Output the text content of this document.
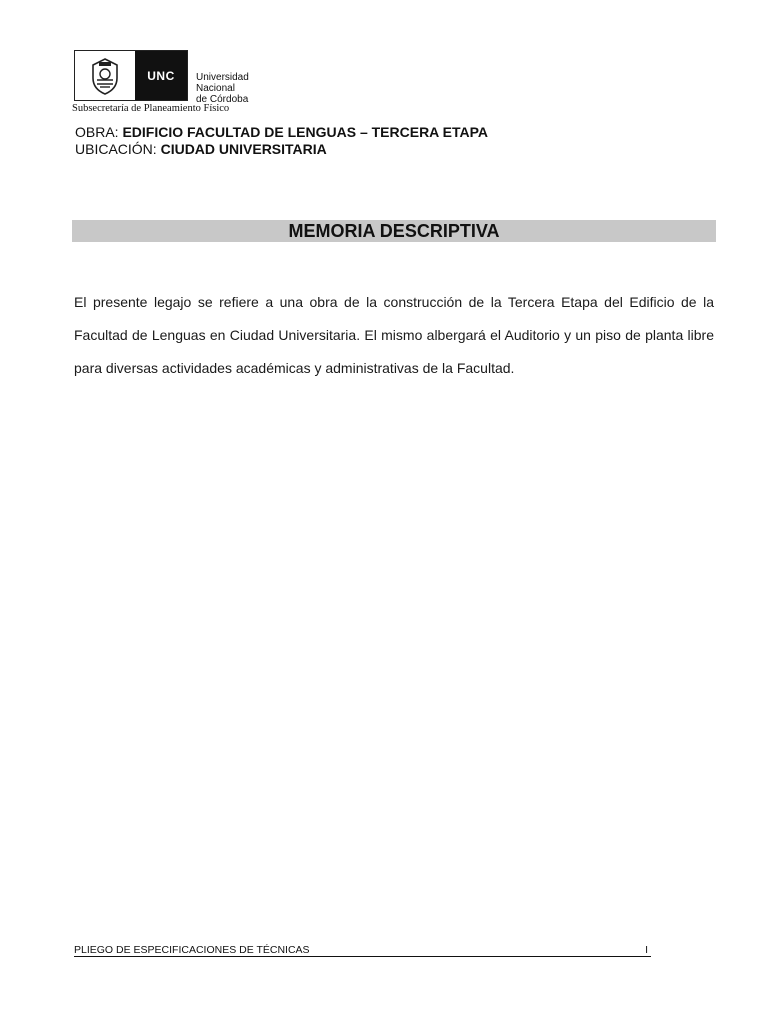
UNC	Universidad
Nacional
de Córdoba
Subsecretaría de Planeamiento Físico
OBRA: EDIFICIO FACULTAD DE LENGUAS – TERCERA ETAPA
UBICACIÓN: CIUDAD UNIVERSITARIA
MEMORIA DESCRIPTIVA
El presente legajo se refiere a una obra de la construcción de la Tercera Etapa del Edificio de la Facultad de Lenguas en Ciudad Universitaria. El mismo albergará el Auditorio y un piso de planta libre para diversas actividades académicas y administrativas de la Facultad.
PLIEGO DE ESPECIFICACIONES DE TÉCNICAS	I
